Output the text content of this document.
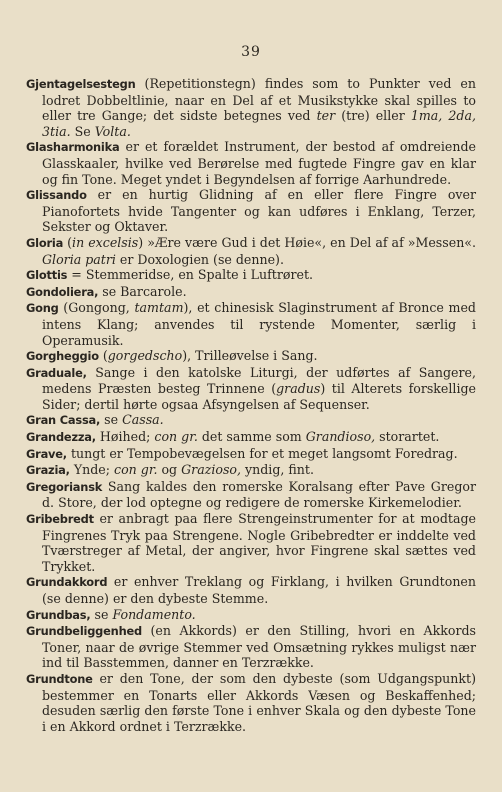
39

Gjentagelsestegn (Repetitionstegn) findes som to Punkter ved en lodret Dobbeltlinie, naar en Del af et Musikstykke skal spilles to eller tre Gange; det sidste betegnes ved ter (tre) eller 1ma, 2da, 3tia. Se Volta.

Glasharmonika er et forældet Instrument, der bestod af omdreiende Glasskaaler, hvilke ved Berørelse med fugtede Fingre gav en klar og fin Tone. Meget yndet i Begyndelsen af forrige Aarhundrede.

Glissando er en hurtig Glidning af en eller flere Fingre over Pianofortets hvide Tangenter og kan udføres i Enklang, Terzer, Sekster og Oktaver.

Gloria (in excelsis) »Ære være Gud i det Høie«, en Del af af »Messen«. Gloria patri er Doxologien (se denne).

Glottis = Stemmeridse, en Spalte i Luftrøret.

Gondoliera, se Barcarole.

Gong (Gongong, tamtam), et chinesisk Slaginstrument af Bronce med intens Klang; anvendes til rystende Momenter, særlig i Operamusik.

Gorgheggio (gorgedscho), Trilleøvelse i Sang.

Graduale, Sange i den katolske Liturgi, der udførtes af Sangere, medens Præsten besteg Trinnene (gradus) til Alterets forskellige Sider; dertil hørte ogsaa Afsyngelsen af Sequenser.

Gran Cassa, se Cassa.

Grandezza, Høihed; con gr. det samme som Grandioso, storartet.

Grave, tungt er Tempobevægelsen for et meget langsomt Foredrag.

Grazia, Ynde; con gr. og Grazioso, yndig, fint.

Gregoriansk Sang kaldes den romerske Koralsang efter Pave Gregor d. Store, der lod optegne og redigere de romerske Kirkemelodier.

Gribebredt er anbragt paa flere Strengeinstrumenter for at modtage Fingrenes Tryk paa Strengene. Nogle Gribebredter er inddelte ved Tværstreger af Metal, der angiver, hvor Fingrene skal sættes ved Trykket.

Grundakkord er enhver Treklang og Firklang, i hvilken Grundtonen (se denne) er den dybeste Stemme.

Grundbas, se Fondamento.

Grundbeliggenhed (en Akkords) er den Stilling, hvori en Akkords Toner, naar de øvrige Stemmer ved Omsætning rykkes muligst nær ind til Basstemmen, danner en Terzrække.

Grundtone er den Tone, der som den dybeste (som Udgangspunkt) bestemmer en Tonarts eller Akkords Væsen og Beskaffenhed; desuden særlig den første Tone i enhver Skala og den dybeste Tone i en Akkord ordnet i Terzrække.
